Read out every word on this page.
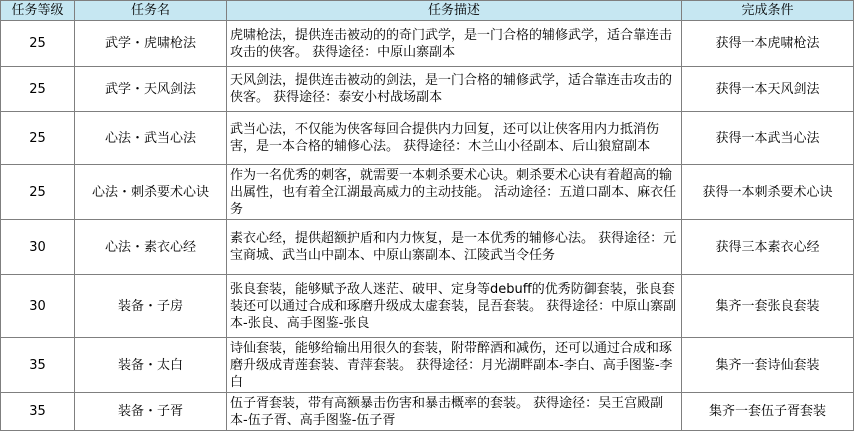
任务等级	任务名	任务描述	完成条件
25	武学・虎啸枪法	虎啸枪法，提供连击被动的的奇门武学，是一门合格的辅修武学，适合靠连击攻击的侠客。 获得途径：中原山寨副本	获得一本虎啸枪法
25	武学・天风剑法	天风剑法，提供连击被动的剑法，是一门合格的辅修武学，适合靠连击攻击的侠客。 获得途径：泰安小村战场副本	获得一本天风剑法
25	心法・武当心法	武当心法，不仅能为侠客每回合提供内力回复，还可以让侠客用内力抵消伤害，是一本合格的辅修心法。 获得途径：木兰山小径副本、后山狼窟副本	获得一本武当心法
25	心法・刺杀要术心诀	作为一名优秀的刺客，就需要一本刺杀要术心诀。刺杀要术心诀有着超高的输出属性，也有着全江湖最高威力的主动技能。 活动途径：五道口副本、麻衣任务	获得一本刺杀要术心诀
30	心法・素衣心经	素衣心经，提供超额护盾和内力恢复，是一本优秀的辅修心法。 获得途径：元宝商城、武当山中副本、中原山寨副本、江陵武当令任务	获得三本素衣心经
30	装备・子房	张良套装，能够赋予敌人迷茫、破甲、定身等debuff的优秀防御套装，张良套装还可以通过合成和琢磨升级成太虚套装，昆吾套装。 获得途径：中原山寨副本-张良、高手图鉴-张良	集齐一套张良套装
35	装备・太白	诗仙套装，能够给输出用很久的套装，附带醉酒和减伤，还可以通过合成和琢磨升级成青莲套装、青萍套装。 获得途径：月光湖畔副本-李白、高手图鉴-李白	集齐一套诗仙套装
35	装备・子胥	伍子胥套装，带有高额暴击伤害和暴击概率的套装。 获得途径：吴王宫殿副本-伍子胥、高手图鉴-伍子胥	集齐一套伍子胥套装
